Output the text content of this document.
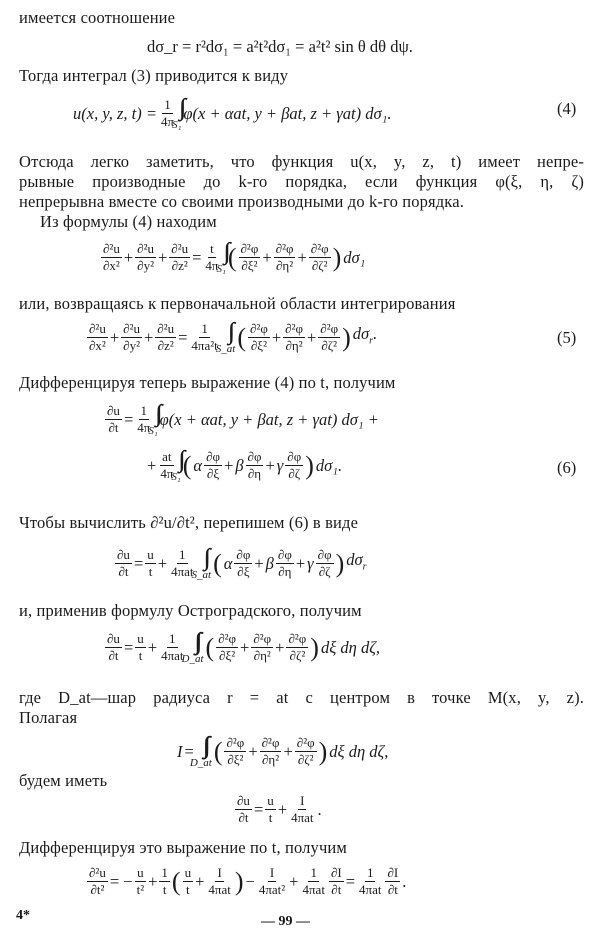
имеется соотношение
dσ_r = r²dσ₁ = a²t²dσ₁ = a²t² sin θ dθ dψ.
Тогда интеграл (3) приводится к виду
u(x, y, z, $t) = \frac{1}{4\pi}$ ∫∫
S₁
φ(x + αat, y + βat, z + γat) dσ₁.	(4)
Отсюда легко заметить, что функция u(x, y, z, t) имеет непре-
рывные производные до k-го порядка, если функция φ(ξ, η, ζ)
непрерывна вместе со своими производными до k-го порядка.
Из формулы (4) находим
∂²u
$\partial x^2 + \frac{\text{∂²u}}{\text{∂y²}} + \frac{\text{∂²u}}{\text{∂z²}} = \frac{t}{4\pi}$ ∫∫
S₁ ( ∂²φ
$\partial\xi^2 + \frac{\text{∂²φ}}{\text{∂η²}} + \frac{\text{∂²φ}}{\text{∂ζ²}}$ ) dσ₁
или, возвращаясь к первоначальной области интегрирования
∂²u
$\partial x^2 + \frac{\text{∂²u}}{\text{∂y²}} + \frac{\text{∂²u}}{\text{∂z²}} = \frac{1}{\text{4πa²t}}$ ∫∫
S_at ( ∂²φ
$\partial\xi^2 + \frac{\text{∂²φ}}{\text{∂η²}} + \frac{\text{∂²φ}}{\text{∂ζ²}}$ ) $d\sigma_r$.	(5)
Дифференцируя теперь выражение (4) по t, получим
$\frac{\partial u}{\partial t} = \frac{1}{4\pi}$ ∫∫
S₁
φ(x + αat, y + βat, z + γat) dσ₁ +
+ $\frac{at}{4\pi}$ ∫∫
S₁ ( α ∂φ
∂ξ + β ∂φ
∂η + γ ∂φ
∂ζ ) dσ₁.	(6)
Чтобы вычислить ∂²u/∂t², перепишем (6) в виде
$\frac{\partial u}{\partial t} = \frac{u}{t} + 1$
4πat
∫∫
S_at ( α ∂φ
∂ξ + β ∂φ
∂η + γ ∂φ
∂ζ ) $d\sigma_r$
и, применив формулу Остроградского, получим
$\frac{\partial u}{\partial t} = \frac{u}{t} + 1$
4πat
∫∫∫
D_at ( ∂²φ
$\partial\xi^2 + \frac{\text{∂²φ}}{\text{∂η²}} + \frac{\text{∂²φ}}{\text{∂ζ²}}$ ) dξ dη dζ,
где D_at—шар радиуса r = at с центром в точке M(x, y, z).
Полагая
I = ∫∫∫
D_at ( ∂²φ
$\partial\xi^2 + \frac{\text{∂²φ}}{\text{∂η²}} + \frac{\text{∂²φ}}{\text{∂ζ²}}$ ) dξ dη dζ,
будем иметь
$\frac{\partial u}{\partial t} = \frac{u}{t} + I$
4πat .
Дифференцируя это выражение по t, получим
$\frac{\text{∂²u}}{\text{∂t²}}$ = − $\frac{u}{\text{t²}} + \frac{1}{t}$ ( u
t + I
4πat ) − I
4πat² + 1
$4\pi at \frac{\partial I}{\partial t} = 1$
4πat
∂I
∂t .
4*	— 99 —
